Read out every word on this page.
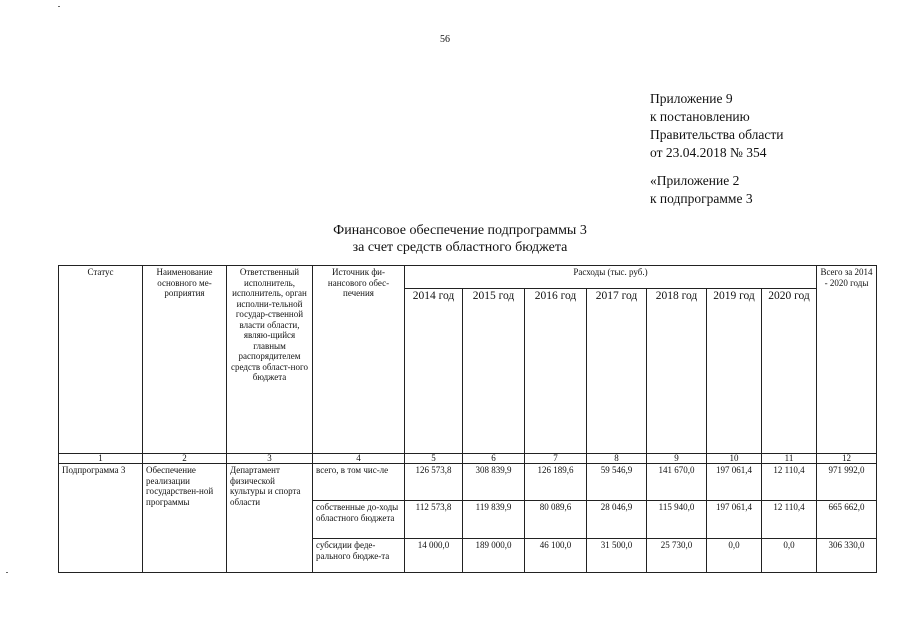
56
Приложение 9
к постановлению
Правительства области
от 23.04.2018 № 354
«Приложение 2
к подпрограмме 3
Финансовое обеспечение подпрограммы 3
за счет средств областного бюджета
Статус	Наименование основного ме-роприятия	Ответственный исполнитель, исполнитель, орган исполни-тельной государ-ственной власти области, являю-щийся главным распорядителем средств област-ного бюджета	Источник фи-нансового обес-печения	Расходы (тыс. руб.)							Всего за 2014 - 2020 годы
				2014 год	2015 год	2016 год	2017 год	2018 год	2019 год	2020 год	
1	2	3	4	5	6	7	8	9	10	11	12
Подпрограмма 3	Обеспечение реализации государствен-ной программы	Департамент физической культуры и спорта области	всего, в том чис-ле	126 573,8	308 839,9	126 189,6	59 546,9	141 670,0	197 061,4	12 110,4	971 992,0
			собственные до-ходы областного бюджета	112 573,8	119 839,9	80 089,6	28 046,9	115 940,0	197 061,4	12 110,4	665 662,0
			субсидии феде-рального бюдже-та	14 000,0	189 000,0	46 100,0	31 500,0	25 730,0	0,0	0,0	306 330,0
